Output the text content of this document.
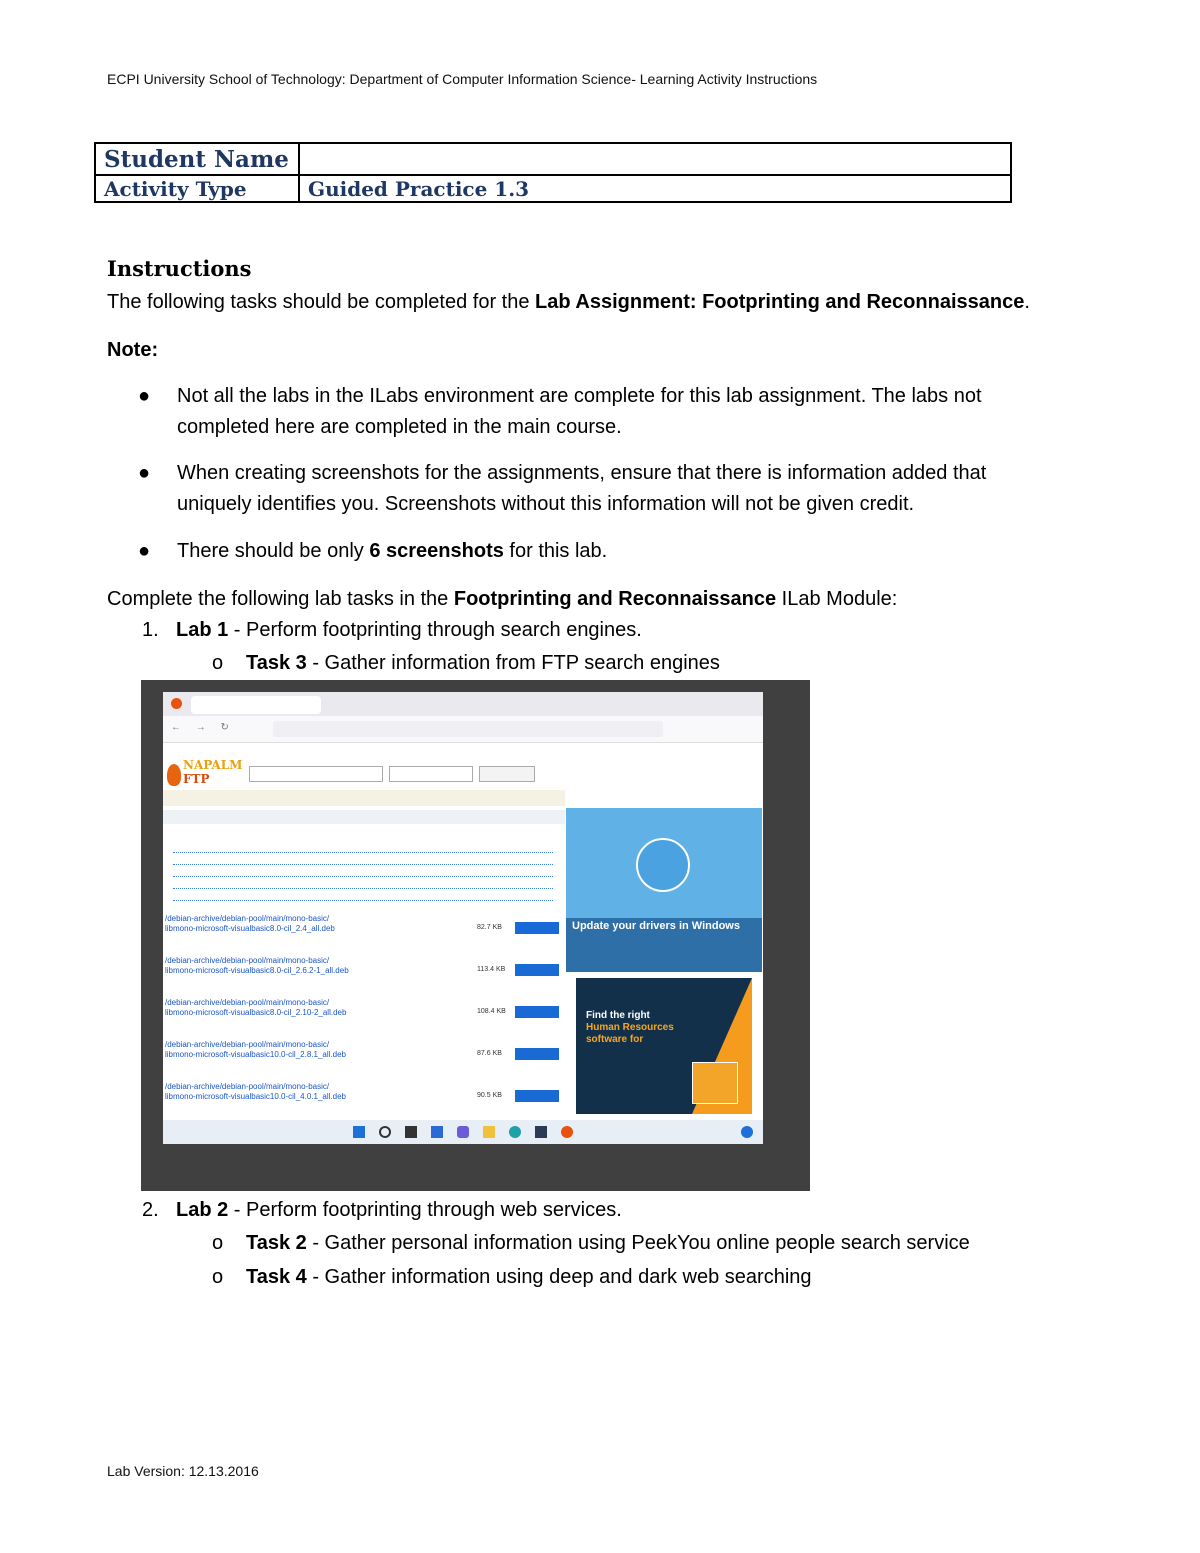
ECPI University School of Technology: Department of Computer Information Science- Learning Activity Instructions
Student Name	
Activity Type	Guided Practice 1.3
Instructions
The following tasks should be completed for the Lab Assignment: Footprinting and Reconnaissance.
Note:
● Not all the labs in the ILabs environment are complete for this lab assignment. The labs not
completed here are completed in the main course.
● When creating screenshots for the assignments, ensure that there is information added that
uniquely identifies you. Screenshots without this information will not be given credit.
● There should be only 6 screenshots for this lab.
Complete the following lab tasks in the Footprinting and Reconnaissance ILab Module:
1. Lab 1 - Perform footprinting through search engines.
o Task 3 - Gather information from FTP search engines
← → ↻
NAPALM
FTP
/debian-archive/debian-pool/main/mono-basic/
libmono-microsoft-visualbasic8.0-cil_2.4_all.deb	82.7 KB
/debian-archive/debian-pool/main/mono-basic/
libmono-microsoft-visualbasic8.0-cil_2.6.2-1_all.deb	113.4 KB
/debian-archive/debian-pool/main/mono-basic/
libmono-microsoft-visualbasic8.0-cil_2.10-2_all.deb	108.4 KB
/debian-archive/debian-pool/main/mono-basic/
libmono-microsoft-visualbasic10.0-cil_2.8.1_all.deb	87.6 KB
/debian-archive/debian-pool/main/mono-basic/
libmono-microsoft-visualbasic10.0-cil_4.0.1_all.deb	90.5 KB
Update your drivers in Windows
Find the right
Human Resources
software for
2. Lab 2 - Perform footprinting through web services.
o Task 2 - Gather personal information using PeekYou online people search service
o Task 4 - Gather information using deep and dark web searching
Lab Version: 12.13.2016
